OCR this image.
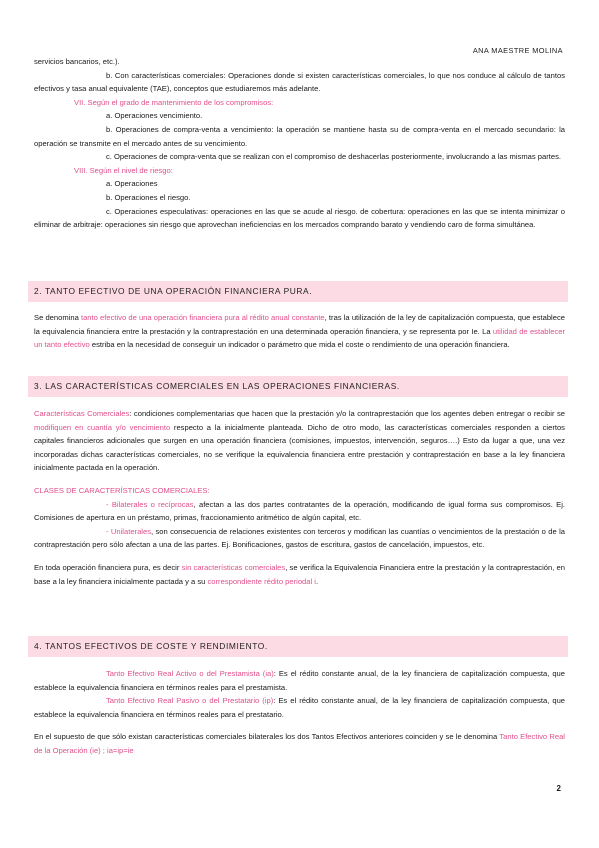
ANA MAESTRE MOLINA

servicios bancarios, etc.).

b. Con características comerciales: Operaciones donde si existen características comerciales, lo que nos conduce al cálculo de tantos efectivos y tasa anual equivalente (TAE), conceptos que estudiaremos más adelante.

VII. Según el grado de mantenimiento de los compromisos:

a. Operaciones vencimiento.

b. Operaciones de compra-venta a vencimiento: la operación se mantiene hasta su de compra-venta en el mercado secundario: la operación se transmite en el mercado antes de su vencimiento.

c. Operaciones de compra-venta que se realizan con el compromiso de deshacerlas posteriormente, involucrando a las mismas partes.

VIII. Según el nivel de riesgo:

a. Operaciones

b. Operaciones el riesgo.

c. Operaciones especulativas: operaciones en las que se acude al riesgo. de cobertura: operaciones en las que se intenta minimizar o eliminar de arbitraje: operaciones sin riesgo que aprovechan ineficiencias en los mercados comprando barato y vendiendo caro de forma simultánea.

2. TANTO EFECTIVO DE UNA OPERACIÓN FINANCIERA PURA.

Se denomina tanto efectivo de una operación financiera pura al rédito anual constante, tras la utilización de la ley de capitalización compuesta, que establece la equivalencia financiera entre la prestación y la contraprestación en una determinada operación financiera, y se representa por Ie. La utilidad de establecer un tanto efectivo estriba en la necesidad de conseguir un indicador o parámetro que mida el coste o rendimiento de una operación financiera.

3. LAS CARACTERÍSTICAS COMERCIALES EN LAS OPERACIONES FINANCIERAS.

Características Comerciales: condiciones complementarias que hacen que la prestación y/o la contraprestación que los agentes deben entregar o recibir se modifiquen en cuantía y/o vencimiento respecto a la inicialmente planteada. Dicho de otro modo, las características comerciales responden a ciertos capitales financieros adicionales que surgen en una operación financiera (comisiones, impuestos, intervención, seguros….) Esto da lugar a que, una vez incorporadas dichas características comerciales, no se verifique la equivalencia financiera entre prestación y contraprestación en base a la ley financiera inicialmente pactada en la operación.

CLASES DE CARACTERÍSTICAS COMERCIALES:

- Bilaterales o recíprocas, afectan a las dos partes contratantes de la operación, modificando de igual forma sus compromisos. Ej. Comisiones de apertura en un préstamo, primas, fraccionamiento aritmético de algún capital, etc.

- Unilaterales, son consecuencia de relaciones existentes con terceros y modifican las cuantías o vencimientos de la prestación o de la contraprestación pero sólo afectan a una de las partes. Ej. Bonificaciones, gastos de escritura, gastos de cancelación, impuestos, etc.

En toda operación financiera pura, es decir sin características comerciales, se verifica la Equivalencia Financiera entre la prestación y la contraprestación, en base a la ley financiera inicialmente pactada y a su correspondiente rédito periodal i.

4. TANTOS EFECTIVOS DE COSTE Y RENDIMIENTO.

Tanto Efectivo Real Activo o del Prestamista (ia): Es el rédito constante anual, de la ley financiera de capitalización compuesta, que establece la equivalencia financiera en términos reales para el prestamista.

Tanto Efectivo Real Pasivo o del Prestatario (ip): Es el rédito constante anual, de la ley financiera de capitalización compuesta, que establece la equivalencia financiera en términos reales para el prestatario.

En el supuesto de que sólo existan características comerciales bilaterales los dos Tantos Efectivos anteriores coinciden y se le denomina Tanto Efectivo Real de la Operación (ie) ; ia=ip=ie

2
